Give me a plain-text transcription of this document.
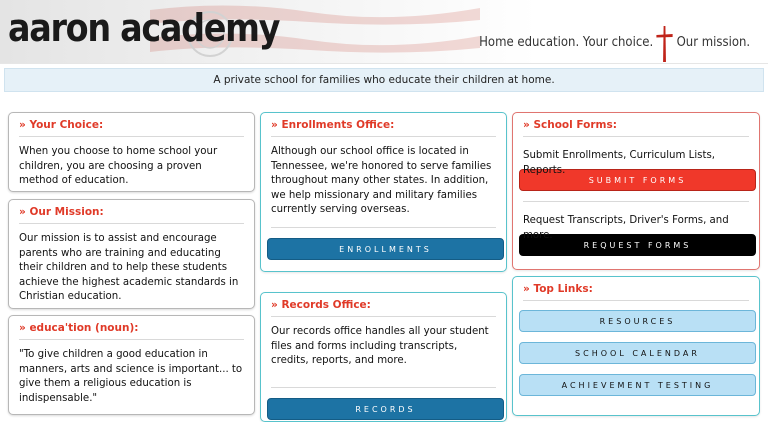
aaron academy	Home education. Your choice. Our mission.
A private school for families who educate their children at home.
» Your Choice:
When you choose to home school your children, you are choosing a proven method of education.
» Our Mission:
Our mission is to assist and encourage parents who are training and educating their children and to help these students achieve the highest academic standards in Christian education.
» educa'tion (noun):
"To give children a good education in manners, arts and science is important... to give them a religious education is indispensable."
» Enrollments Office:
Although our school office is located in Tennessee, we're honored to serve families throughout many other states. In addition, we help missionary and military families currently serving overseas.
ENROLLMENTS
» Records Office:
Our records office handles all your student files and forms including transcripts, credits, reports, and more.
RECORDS
» School Forms:
Submit Enrollments, Curriculum Lists, Reports.
SUBMIT FORMS
Request Transcripts, Driver's Forms, and more.
REQUEST FORMS
» Top Links:
RESOURCES
SCHOOL CALENDAR
ACHIEVEMENT TESTING
